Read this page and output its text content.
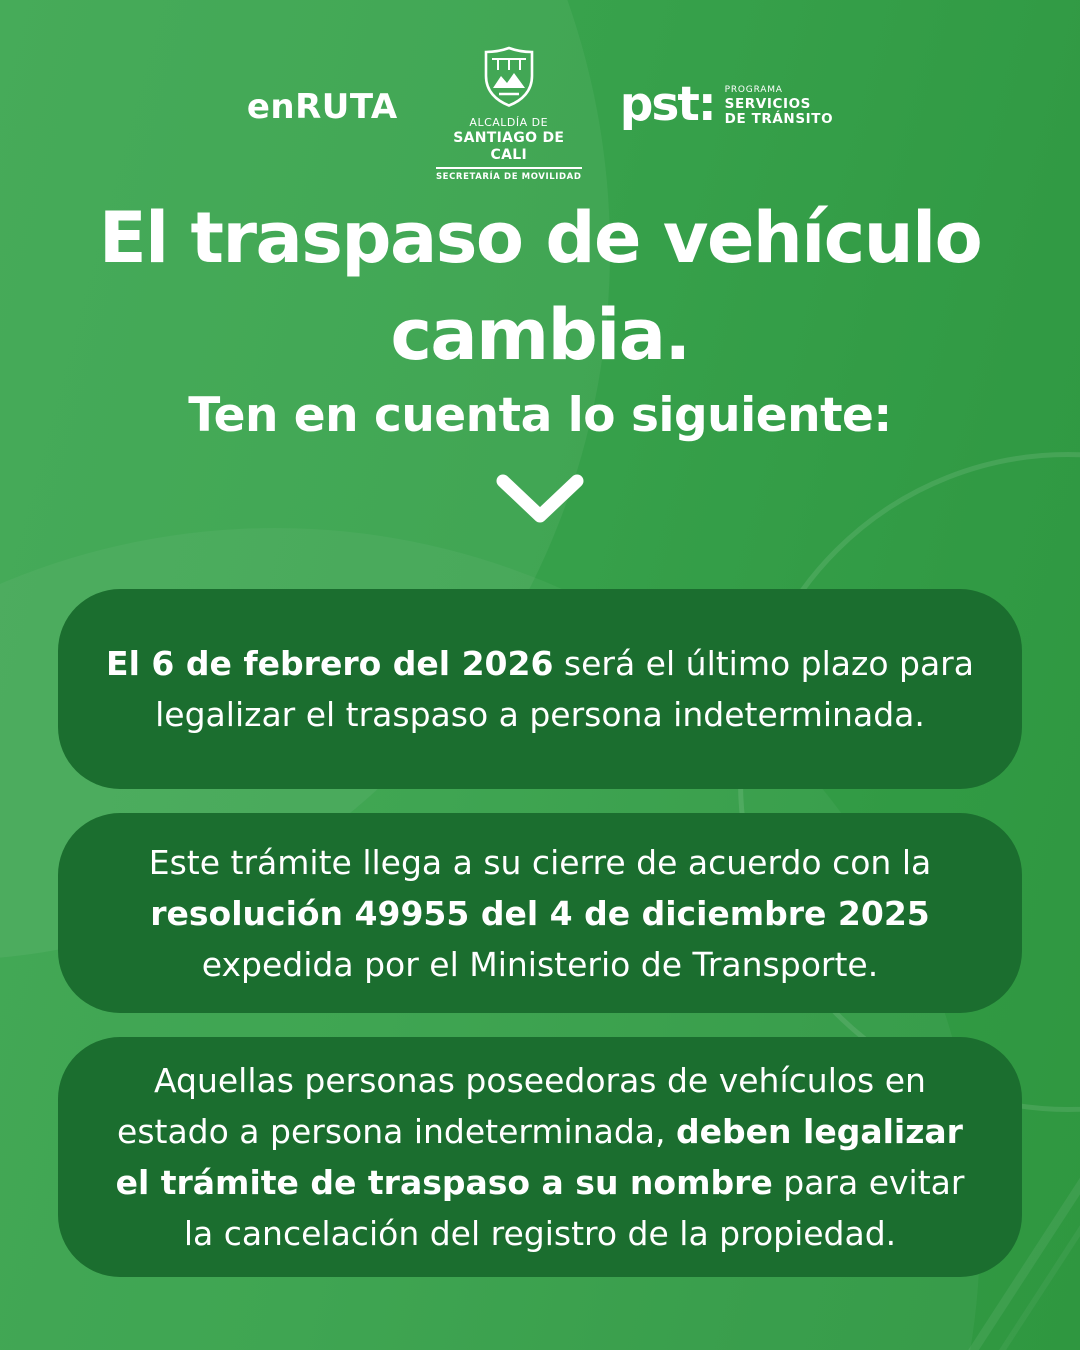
enRUTA	ALCALDÍA DE
SANTIAGO DE CALI
SECRETARÍA DE MOVILIDAD
pst: PROGRAMA
SERVICIOS
DE TRÁNSITO
El traspaso de vehículo
cambia.
Ten en cuenta lo siguiente:

El 6 de febrero del 2026 será el último plazo para legalizar el traspaso a persona indeterminada.

Este trámite llega a su cierre de acuerdo con la resolución 49955 del 4 de diciembre 2025 expedida por el Ministerio de Transporte.

Aquellas personas poseedoras de vehículos en estado a persona indeterminada, deben legalizar el trámite de traspaso a su nombre para evitar la cancelación del registro de la propiedad.
